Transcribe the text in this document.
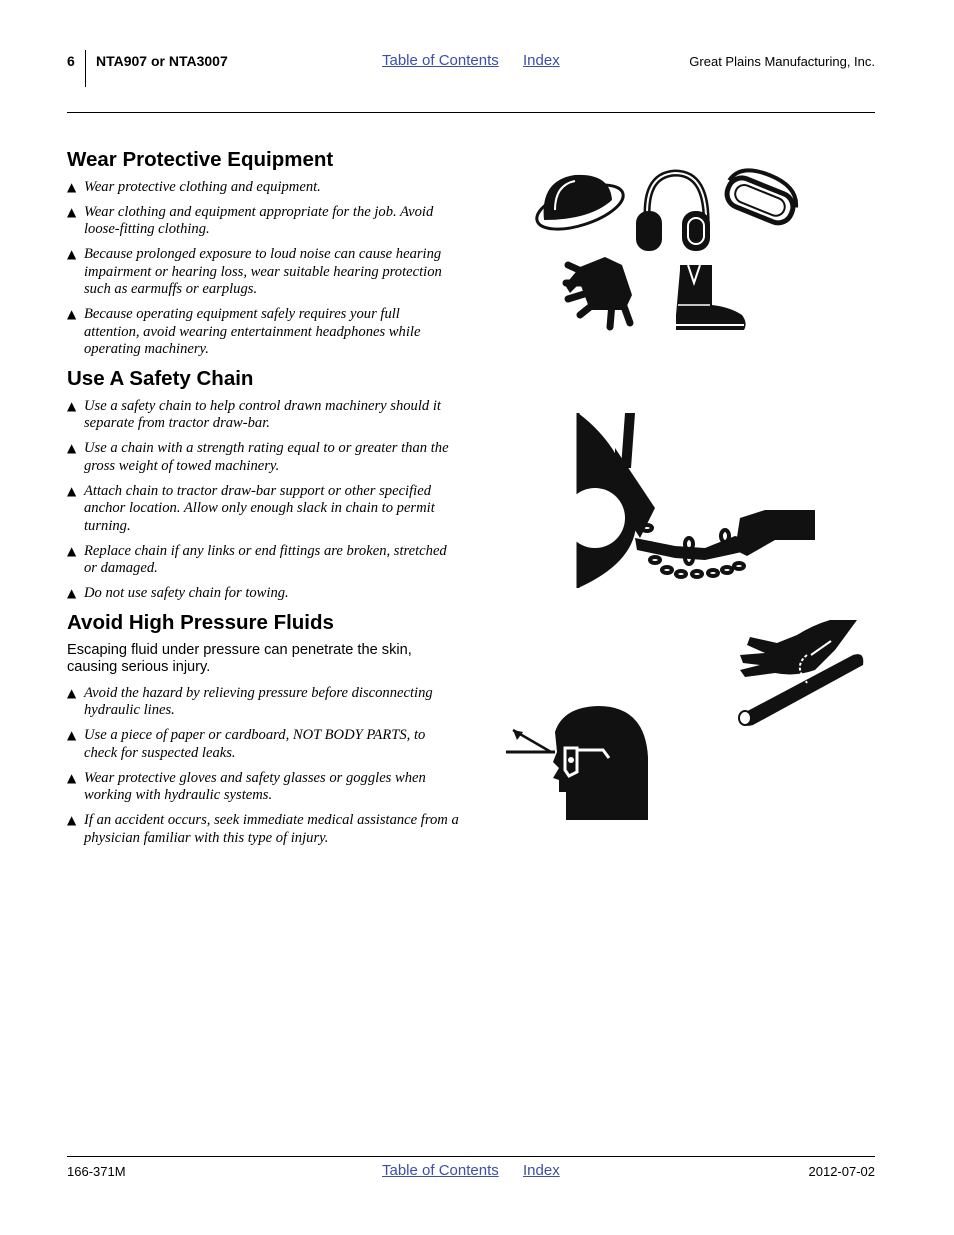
6 NTA907 or NTA3007	Table of Contents Index	Great Plains Manufacturing, Inc.
Wear Protective Equipment
▲ Wear protective clothing and equipment.
▲ Wear clothing and equipment appropriate for the job. Avoid loose-fitting clothing.
▲ Because prolonged exposure to loud noise can cause hearing impairment or hearing loss, wear suitable hearing protection such as earmuffs or earplugs.
▲ Because operating equipment safely requires your full attention, avoid wearing entertainment headphones while operating machinery.
Use A Safety Chain
▲ Use a safety chain to help control drawn machinery should it separate from tractor draw-bar.
▲ Use a chain with a strength rating equal to or greater than the gross weight of towed machinery.
▲ Attach chain to tractor draw-bar support or other specified anchor location. Allow only enough slack in chain to permit turning.
▲ Replace chain if any links or end fittings are broken, stretched or damaged.
▲ Do not use safety chain for towing.
Avoid High Pressure Fluids

Escaping fluid under pressure can penetrate the skin, causing serious injury.

▲ Avoid the hazard by relieving pressure before disconnecting hydraulic lines.
▲ Use a piece of paper or cardboard, NOT BODY PARTS, to check for suspected leaks.
▲ Wear protective gloves and safety glasses or goggles when working with hydraulic systems.
▲ If an accident occurs, seek immediate medical assistance from a physician familiar with this type of injury.
166-371M	Table of Contents Index	2012-07-02
